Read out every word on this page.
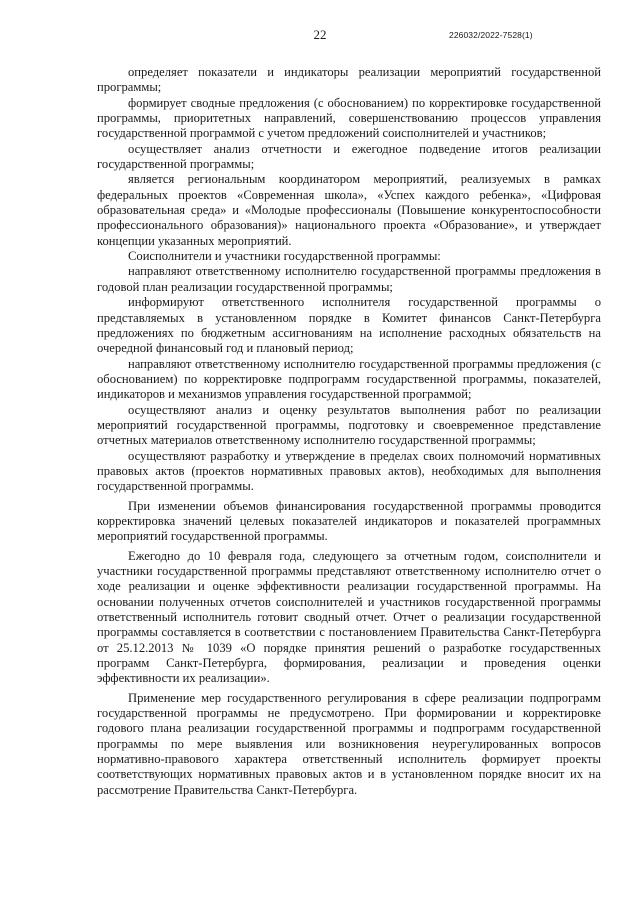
22	226032/2022-7528(1)

определяет показатели и индикаторы реализации мероприятий государственной программы;

формирует сводные предложения (с обоснованием) по корректировке государственной программы, приоритетных направлений, совершенствованию процессов управления государственной программой с учетом предложений соисполнителей и участников;

осуществляет анализ отчетности и ежегодное подведение итогов реализации государственной программы;

является региональным координатором мероприятий, реализуемых в рамках федеральных проектов «Современная школа», «Успех каждого ребенка», «Цифровая образовательная среда» и «Молодые профессионалы (Повышение конкурентоспособности профессионального образования)» национального проекта «Образование», и утверждает концепции указанных мероприятий.

Соисполнители и участники государственной программы:

направляют ответственному исполнителю государственной программы предложения в годовой план реализации государственной программы;

информируют ответственного исполнителя государственной программы о представляемых в установленном порядке в Комитет финансов Санкт-Петербурга предложениях по бюджетным ассигнованиям на исполнение расходных обязательств на очередной финансовый год и плановый период;

направляют ответственному исполнителю государственной программы предложения (с обоснованием) по корректировке подпрограмм государственной программы, показателей, индикаторов и механизмов управления государственной программой;

осуществляют анализ и оценку результатов выполнения работ по реализации мероприятий государственной программы, подготовку и своевременное представление отчетных материалов ответственному исполнителю государственной программы;

осуществляют разработку и утверждение в пределах своих полномочий нормативных правовых актов (проектов нормативных правовых актов), необходимых для выполнения государственной программы.

При изменении объемов финансирования государственной программы проводится корректировка значений целевых показателей индикаторов и показателей программных мероприятий государственной программы.

Ежегодно до 10 февраля года, следующего за отчетным годом, соисполнители и участники государственной программы представляют ответственному исполнителю отчет о ходе реализации и оценке эффективности реализации государственной программы. На основании полученных отчетов соисполнителей и участников государственной программы ответственный исполнитель готовит сводный отчет. Отчет о реализации государственной программы составляется в соответствии с постановлением Правительства Санкт-Петербурга от 25.12.2013 № 1039 «О порядке принятия решений о разработке государственных программ Санкт-Петербурга, формирования, реализации и проведения оценки эффективности их реализации».

Применение мер государственного регулирования в сфере реализации подпрограмм государственной программы не предусмотрено. При формировании и корректировке годового плана реализации государственной программы и подпрограмм государственной программы по мере выявления или возникновения неурегулированных вопросов нормативно-правового характера ответственный исполнитель формирует проекты соответствующих нормативных правовых актов и в установленном порядке вносит их на рассмотрение Правительства Санкт-Петербурга.
